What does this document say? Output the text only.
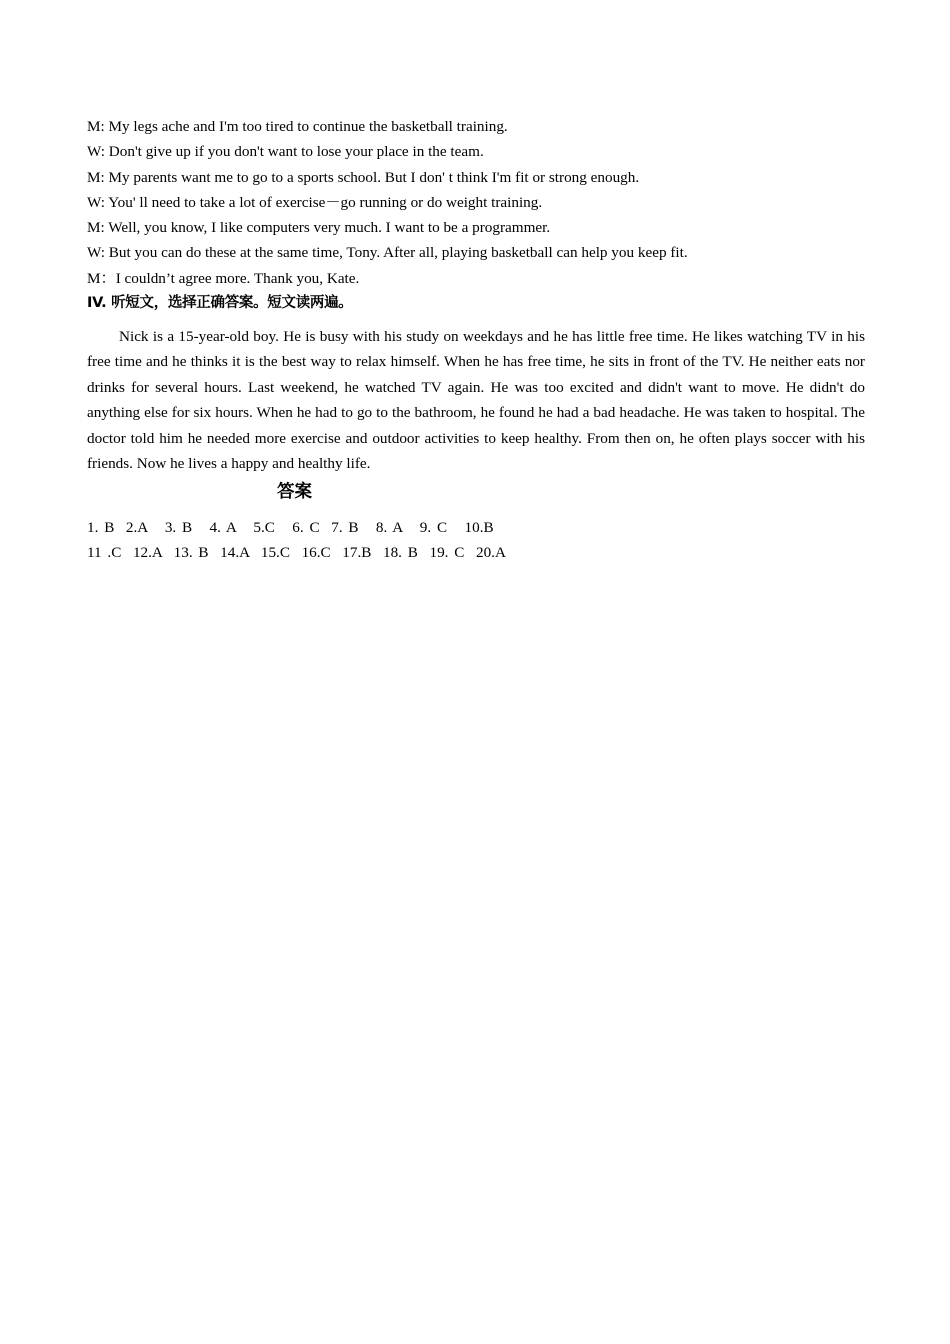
M: My legs ache and I'm too tired to continue the basketball training.
W: Don't give up if you don't want to lose your place in the team.
M: My parents want me to go to a sports school. But I don' t think I'm fit or strong enough.
W: You' ll need to take a lot of exercise－go running or do weight training.
M: Well, you know, I like computers very much. I want to be a programmer.
W: But you can do these at the same time, Tony. After all, playing basketball can help you keep fit.
M：I couldn’t agree more. Thank you, Kate.
IV. 听短文，选择正确答案。短文读两遍。
Nick is a 15-year-old boy. He is busy with his study on weekdays and he has little free time. He likes watching TV in his free time and he thinks it is the best way to relax himself. When he has free time, he sits in front of the TV. He neither eats nor drinks for several hours. Last weekend, he watched TV again. He was too excited and didn't want to move. He didn't do anything else for six hours. When he had to go to the bathroom, he found he had a bad headache. He was taken to hospital. The doctor told him he needed more exercise and outdoor activities to keep healthy. From then on, he often plays soccer with his friends. Now he lives a happy and healthy life.
答案
1. B  2.A   3. B   4. A   5.C   6. C  7. B   8. A   9. C   10.B
11 .C  12.A  13. B  14.A  15.C  16.C  17.B  18. B  19. C  20.A
